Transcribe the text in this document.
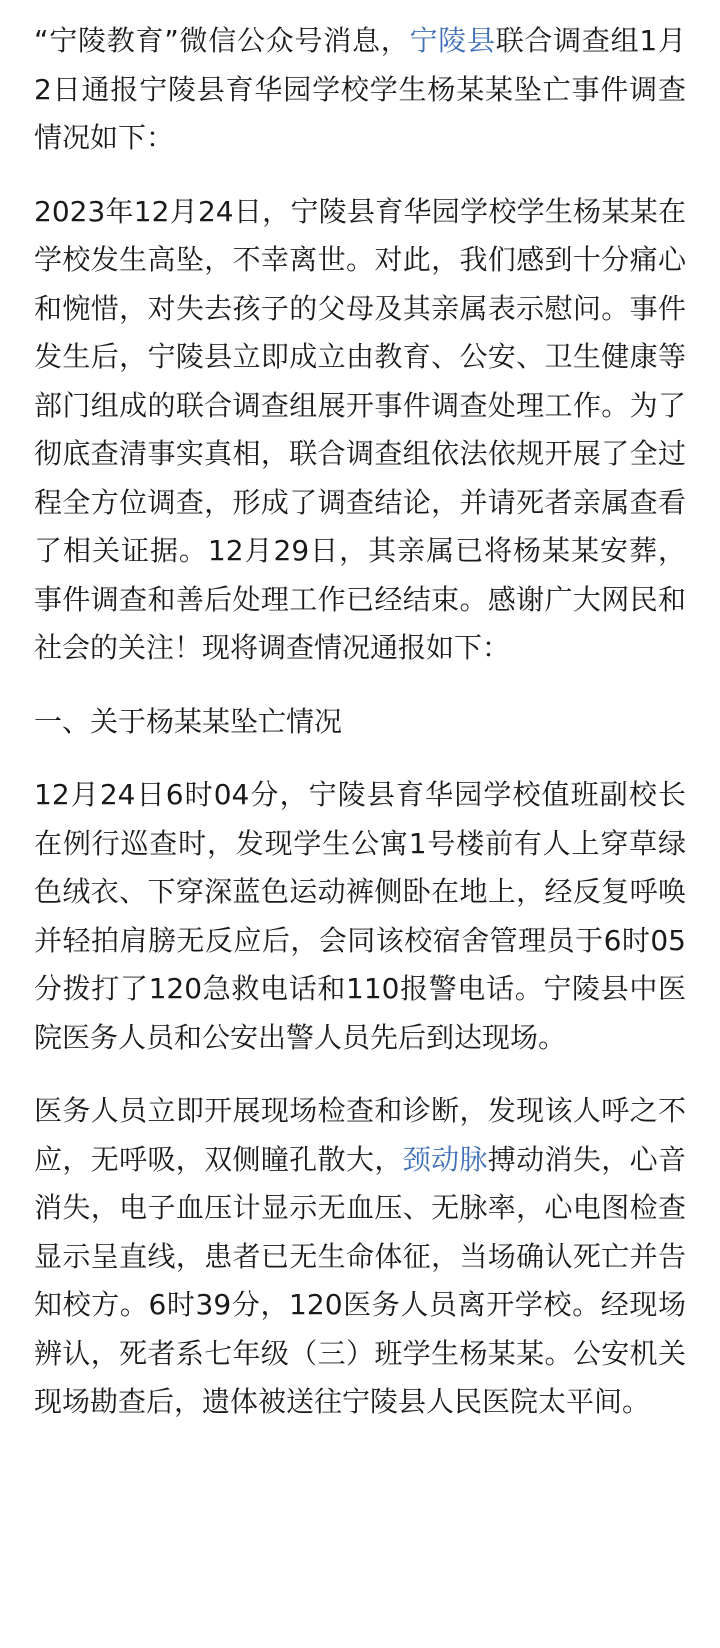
“宁陵教育”微信公众号消息，宁陵县联合调查组1月2日通报宁陵县育华园学校学生杨某某坠亡事件调查情况如下：

2023年12月24日，宁陵县育华园学校学生杨某某在学校发生高坠，不幸离世。对此，我们感到十分痛心和惋惜，对失去孩子的父母及其亲属表示慰问。事件发生后，宁陵县立即成立由教育、公安、卫生健康等部门组成的联合调查组展开事件调查处理工作。为了彻底查清事实真相，联合调查组依法依规开展了全过程全方位调查，形成了调查结论，并请死者亲属查看了相关证据。12月29日，其亲属已将杨某某安葬，事件调查和善后处理工作已经结束。感谢广大网民和社会的关注！现将调查情况通报如下：

一、关于杨某某坠亡情况

12月24日6时04分，宁陵县育华园学校值班副校长在例行巡查时，发现学生公寓1号楼前有人上穿草绿色绒衣、下穿深蓝色运动裤侧卧在地上，经反复呼唤并轻拍肩膀无反应后，会同该校宿舍管理员于6时05分拨打了120急救电话和110报警电话。宁陵县中医院医务人员和公安出警人员先后到达现场。

医务人员立即开展现场检查和诊断，发现该人呼之不应，无呼吸，双侧瞳孔散大，颈动脉搏动消失，心音消失，电子血压计显示无血压、无脉率，心电图检查显示呈直线，患者已无生命体征，当场确认死亡并告知校方。6时39分，120医务人员离开学校。经现场辨认，死者系七年级（三）班学生杨某某。公安机关现场勘查后，遗体被送往宁陵县人民医院太平间。
